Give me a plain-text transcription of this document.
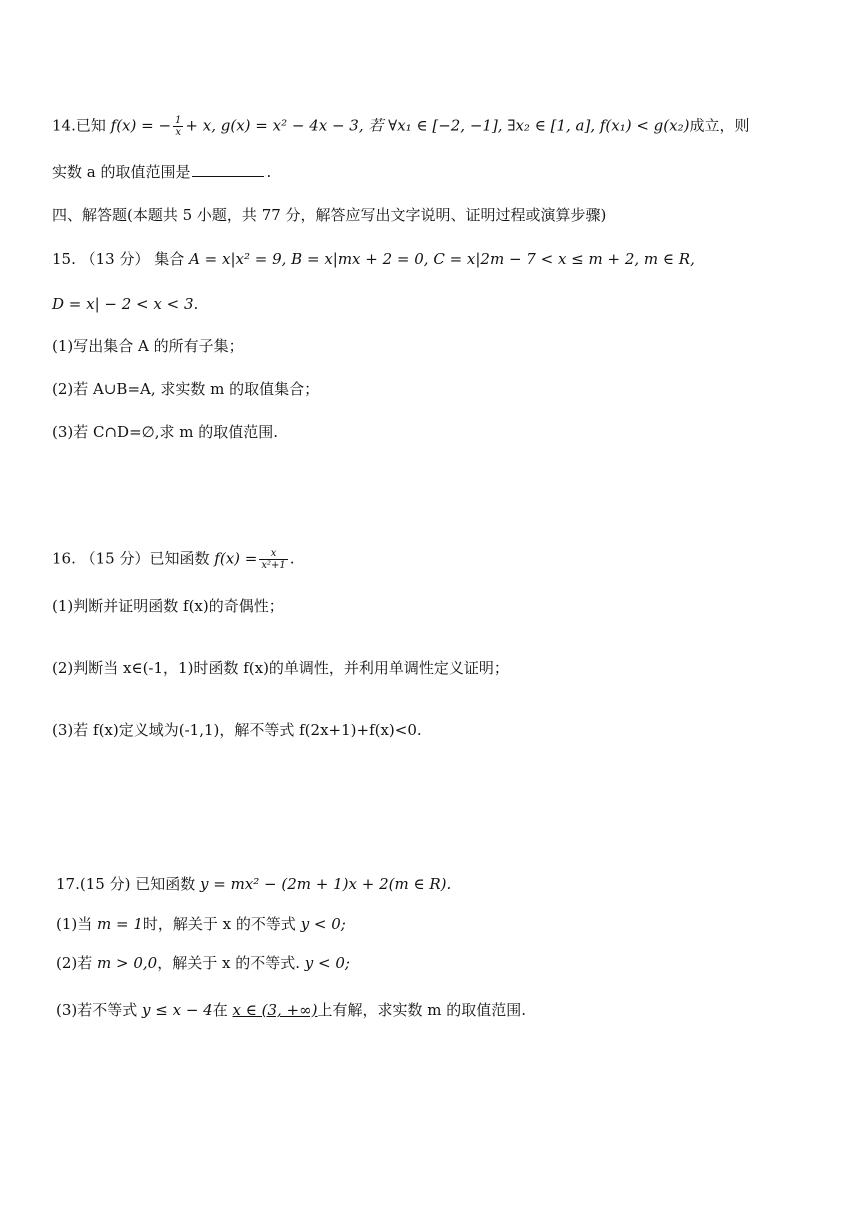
14.已知 f(x) = − $\frac{1}{x} + x$, g(x) = x² − 4x − 3, 若 ∀x₁ ∈ [−2, −1], ∃x₂ ∈ [1, a], f(x₁) < g(x₂)成立，则
实数 a 的取值范围是	.
四、解答题(本题共 5 小题，共 77 分，解答应写出文字说明、证明过程或演算步骤)
15. （13 分） 集合 A = x|x² = 9, B = x|mx + 2 = 0, C = x|2m − 7 < x ≤ m + 2, m ∈ R,
D = x| − 2 < x < 3.
(1)写出集合 A 的所有子集；
(2)若 A∪B=A, 求实数 m 的取值集合；
(3)若 C∩D=∅,求 m 的取值范围.
16. （15 分）已知函数 $f(x) = \frac{x}{\text{x²+1}}$ .
(1)判断并证明函数 f(x)的奇偶性；
(2)判断当 x∈(-1，1)时函数 f(x)的单调性，并利用单调性定义证明；
(3)若 f(x)定义域为(-1,1)，解不等式 f(2x+1)+f(x)<0.
17.(15 分) 已知函数 y = mx² − (2m + 1)x + 2(m ∈ R).
(1)当 m = 1时，解关于 x 的不等式 y < 0;
(2)若 m > 0,0，解关于 x 的不等式. y < 0;
(3)若不等式 y ≤ x − 4在 x ∈ (3, +∞)上有解，求实数 m 的取值范围.
